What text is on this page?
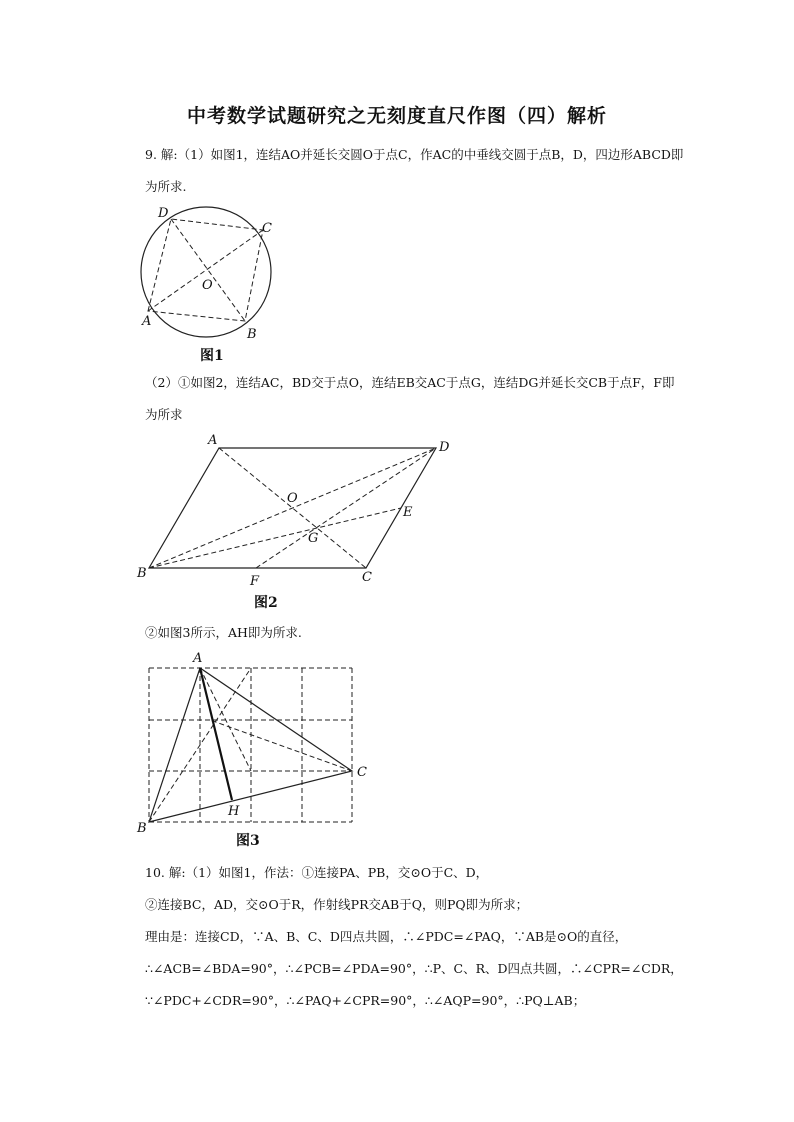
中考数学试题研究之无刻度直尺作图（四）解析

9. 解:（1）如图1，连结AO并延长交圆O于点C，作AC的中垂线交圆于点B，D，四边形ABCD即

为所求.

D
C
O
A
B
图1

（2）①如图2，连结AC，BD交于点O，连结EB交AC于点G，连结DG并延长交CB于点F，F即

为所求

A	D
O
E
G
B
F	C
图2

②如图3所示，AH即为所求.

A
C
H
B
图3

10. 解:（1）如图1，作法：①连接PA、PB，交⊙O于C、D，

②连接BC，AD，交⊙O于R，作射线PR交AB于Q，则PQ即为所求；

理由是：连接CD，∵A、B、C、D四点共圆，∴∠PDC=∠PAQ，∵AB是⊙O的直径，

∴∠ACB=∠BDA=90°，∴∠PCB=∠PDA=90°，∴P、C、R、D四点共圆，∴∠CPR=∠CDR，

∵∠PDC+∠CDR=90°，∴∠PAQ+∠CPR=90°，∴∠AQP=90°，∴PQ⊥AB；
